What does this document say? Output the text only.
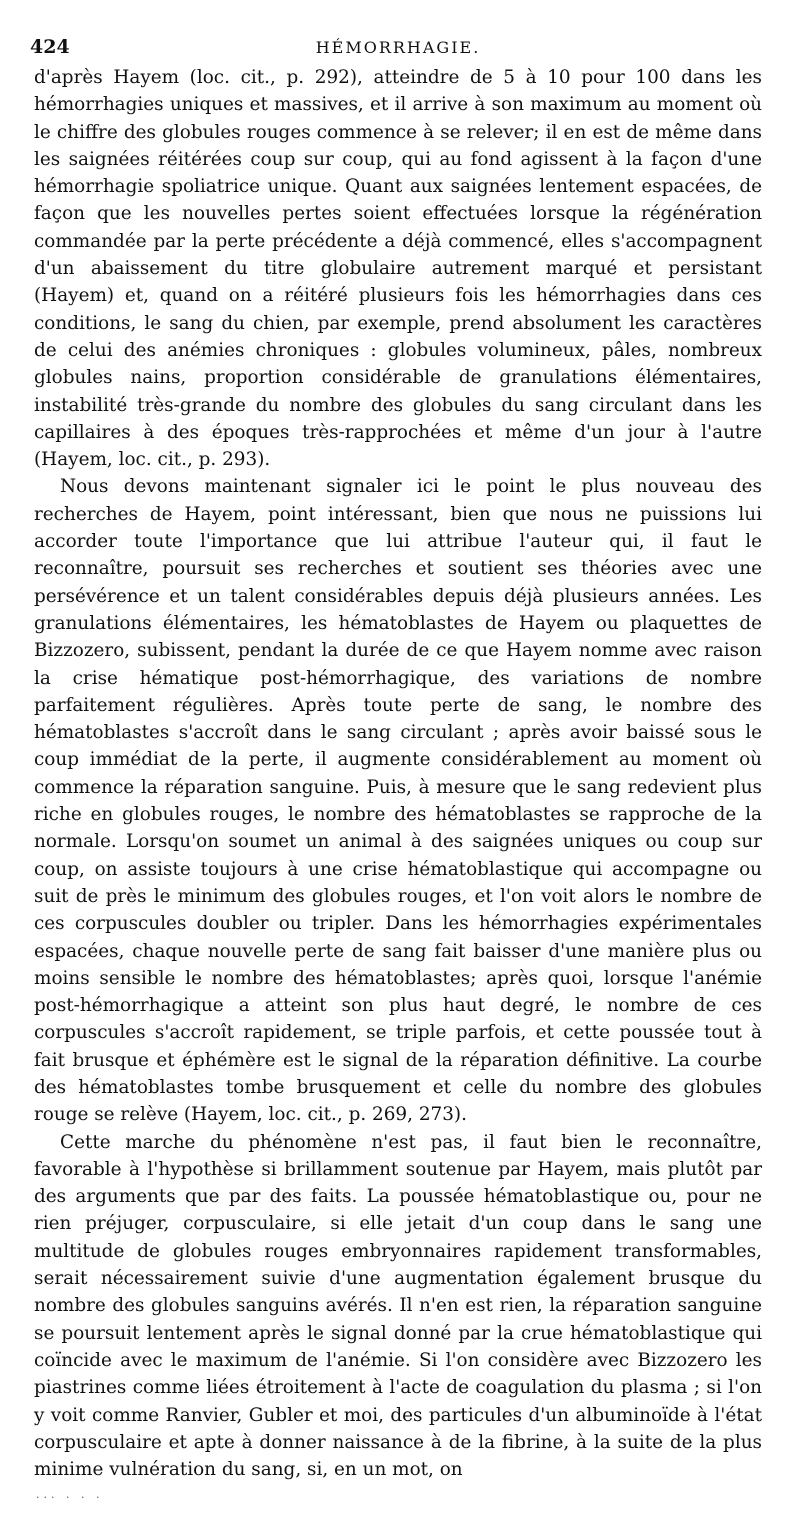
424	HÉMORRHAGIE.

d'après Hayem (loc. cit., p. 292), atteindre de 5 à 10 pour 100 dans les hémorrhagies uniques et massives, et il arrive à son maximum au moment où le chiffre des globules rouges commence à se relever; il en est de même dans les saignées réitérées coup sur coup, qui au fond agissent à la façon d'une hémorrhagie spoliatrice unique. Quant aux saignées lentement espacées, de façon que les nouvelles pertes soient effectuées lorsque la régénération commandée par la perte précédente a déjà commencé, elles s'accompagnent d'un abaissement du titre globulaire autrement marqué et persistant (Hayem) et, quand on a réitéré plusieurs fois les hémorrhagies dans ces conditions, le sang du chien, par exemple, prend absolument les caractères de celui des anémies chroniques : globules volumineux, pâles, nombreux globules nains, proportion considérable de granulations élémentaires, instabilité très-grande du nombre des globules du sang circulant dans les capillaires à des époques très-rapprochées et même d'un jour à l'autre (Hayem, loc. cit., p. 293).

Nous devons maintenant signaler ici le point le plus nouveau des recherches de Hayem, point intéressant, bien que nous ne puissions lui accorder toute l'importance que lui attribue l'auteur qui, il faut le reconnaître, poursuit ses recherches et soutient ses théories avec une persévérence et un talent considérables depuis déjà plusieurs années. Les granulations élémentaires, les hématoblastes de Hayem ou plaquettes de Bizzozero, subissent, pendant la durée de ce que Hayem nomme avec raison la crise hématique post-hémorrhagique, des variations de nombre parfaitement régulières. Après toute perte de sang, le nombre des hématoblastes s'accroît dans le sang circulant ; après avoir baissé sous le coup immédiat de la perte, il augmente considérablement au moment où commence la réparation sanguine. Puis, à mesure que le sang redevient plus riche en globules rouges, le nombre des hématoblastes se rapproche de la normale. Lorsqu'on soumet un animal à des saignées uniques ou coup sur coup, on assiste toujours à une crise hématoblastique qui accompagne ou suit de près le minimum des globules rouges, et l'on voit alors le nombre de ces corpuscules doubler ou tripler. Dans les hémorrhagies expérimentales espacées, chaque nouvelle perte de sang fait baisser d'une manière plus ou moins sensible le nombre des hématoblastes; après quoi, lorsque l'anémie post-hémorrhagique a atteint son plus haut degré, le nombre de ces corpuscules s'accroît rapidement, se triple parfois, et cette poussée tout à fait brusque et éphémère est le signal de la réparation définitive. La courbe des hématoblastes tombe brusquement et celle du nombre des globules rouge se relève (Hayem, loc. cit., p. 269, 273).

Cette marche du phénomène n'est pas, il faut bien le reconnaître, favorable à l'hypothèse si brillamment soutenue par Hayem, mais plutôt par des arguments que par des faits. La poussée hématoblastique ou, pour ne rien préjuger, corpusculaire, si elle jetait d'un coup dans le sang une multitude de globules rouges embryonnaires rapidement transformables, serait nécessairement suivie d'une augmentation également brusque du nombre des globules sanguins avérés. Il n'en est rien, la réparation sanguine se poursuit lentement après le signal donné par la crue hématoblastique qui coïncide avec le maximum de l'anémie. Si l'on considère avec Bizzozero les piastrines comme liées étroitement à l'acte de coagulation du plasma ; si l'on y voit comme Ranvier, Gubler et moi, des particules d'un albuminoïde à l'état corpusculaire et apte à donner naissance à de la fibrine, à la suite de la plus minime vulnération du sang, si, en un mot, on

... . . .
